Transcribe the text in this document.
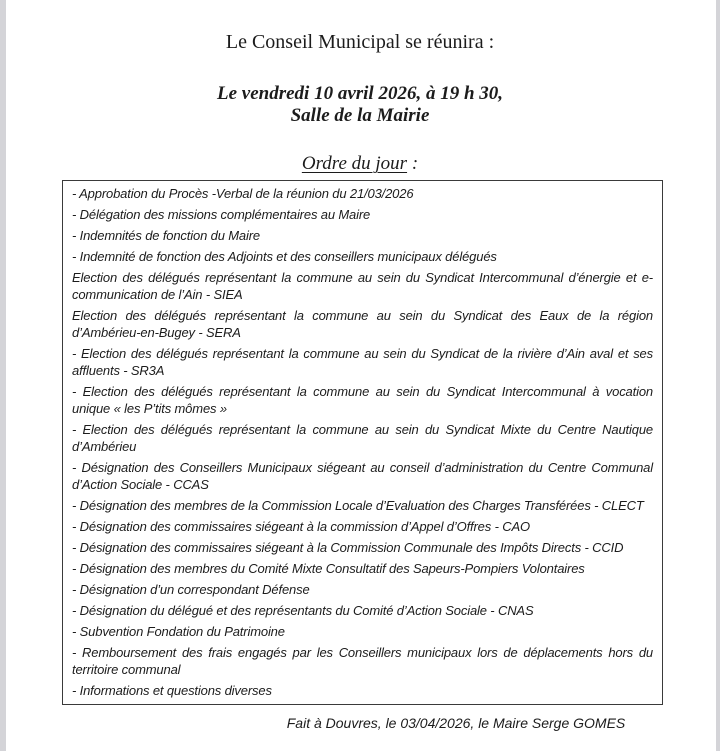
Le Conseil Municipal se réunira :
Le vendredi 10 avril 2026, à 19 h 30,
Salle de la Mairie
Ordre du jour :

- Approbation du Procès -Verbal de la réunion du 21/03/2026

- Délégation des missions complémentaires au Maire

- Indemnités de fonction du Maire

- Indemnité de fonction des Adjoints et des conseillers municipaux délégués

Election des délégués représentant la commune au sein du Syndicat Intercommunal d’énergie et e-communication de l’Ain - SIEA

Election des délégués représentant la commune au sein du Syndicat des Eaux de la région d’Ambérieu-en-Bugey - SERA

- Election des délégués représentant la commune au sein du Syndicat de la rivière d’Ain aval et ses affluents - SR3A

- Election des délégués représentant la commune au sein du Syndicat Intercommunal à vocation unique « les P’tits mômes »

- Election des délégués représentant la commune au sein du Syndicat Mixte du Centre Nautique d’Ambérieu

- Désignation des Conseillers Municipaux siégeant au conseil d’administration du Centre Communal d’Action Sociale - CCAS

- Désignation des membres de la Commission Locale d’Evaluation des Charges Transférées - CLECT

- Désignation des commissaires siégeant à la commission d’Appel d’Offres - CAO

- Désignation des commissaires siégeant à la Commission Communale des Impôts Directs - CCID

- Désignation des membres du Comité Mixte Consultatif des Sapeurs-Pompiers Volontaires

- Désignation d’un correspondant Défense

- Désignation du délégué et des représentants du Comité d’Action Sociale - CNAS

- Subvention Fondation du Patrimoine

- Remboursement des frais engagés par les Conseillers municipaux lors de déplacements hors du territoire communal

- Informations et questions diverses

Fait à Douvres, le 03/04/2026, le Maire Serge GOMES
